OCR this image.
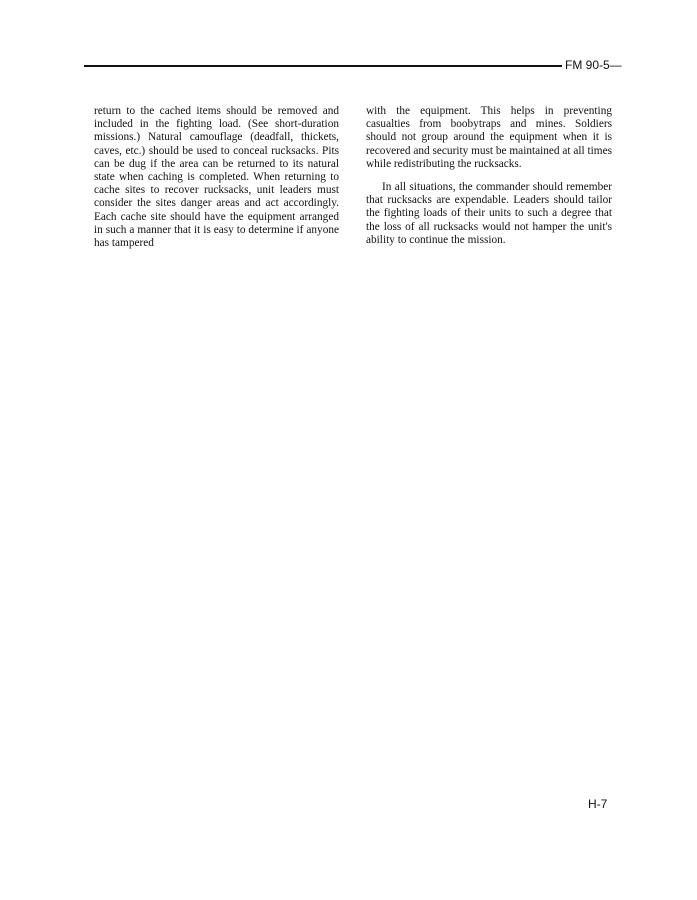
FM 90-5—

return to the cached items should be removed and included in the fighting load. (See short-duration missions.) Natural camouflage (deadfall, thickets, caves, etc.) should be used to conceal rucksacks. Pits can be dug if the area can be returned to its natural state when caching is completed. When returning to cache sites to recover rucksacks, unit leaders must consider the sites danger areas and act accordingly. Each cache site should have the equipment arranged in such a manner that it is easy to determine if anyone has tampered

with the equipment. This helps in preventing casualties from boobytraps and mines. Soldiers should not group around the equipment when it is recovered and security must be maintained at all times while redistributing the rucksacks.

In all situations, the commander should remember that rucksacks are expendable. Leaders should tailor the fighting loads of their units to such a degree that the loss of all rucksacks would not hamper the unit's ability to continue the mission.

H-7
